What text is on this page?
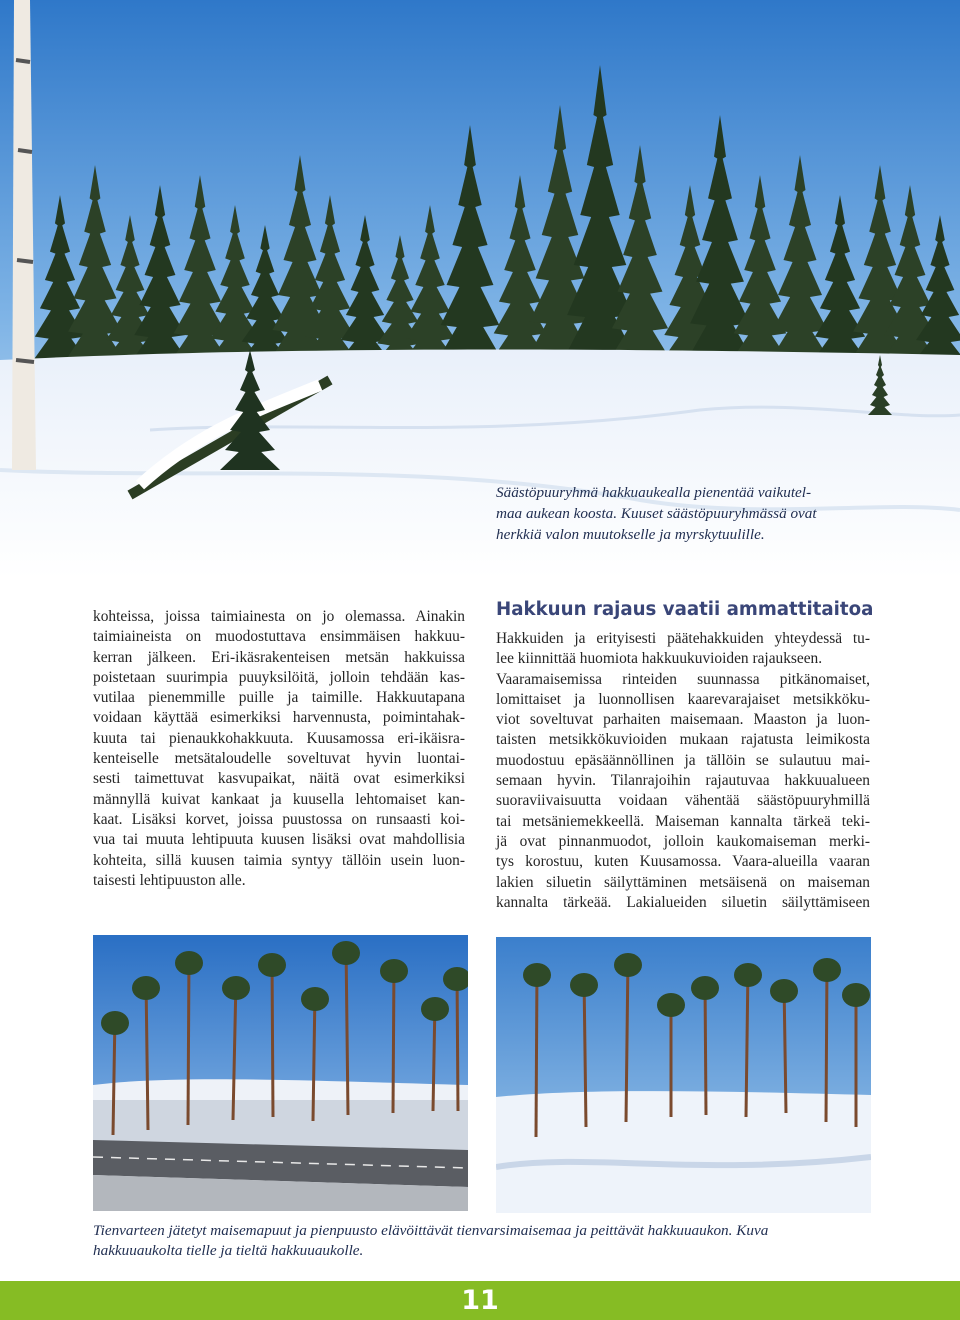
Säästöpuuryhmä hakkuaukealla pienentää vaikutel-
maa aukean koosta. Kuuset säästöpuuryhmässä ovat
herkkiä valon muutokselle ja myrskytuulille.
kohteissa, joissa taimiainesta on jo olemassa. Ainakin
taimiaineista on muodostuttava ensimmäisen hakkuu-
kerran jälkeen. Eri-ikäsrakenteisen metsän hakkuissa
poistetaan suurimpia puuyksilöitä, jolloin tehdään kas-
vutilaa pienemmille puille ja taimille. Hakkuutapana
voidaan käyttää esimerkiksi harvennusta, poimintahak-
kuuta tai pienaukkohakkuuta. Kuusamossa eri-ikäisra-
kenteiselle metsätaloudelle soveltuvat hyvin luontai-
sesti taimettuvat kasvupaikat, näitä ovat esimerkiksi
männyllä kuivat kankaat ja kuusella lehtomaiset kan-
kaat. Lisäksi korvet, joissa puustossa on runsaasti koi-
vua tai muuta lehtipuuta kuusen lisäksi ovat mahdollisia
kohteita, sillä kuusen taimia syntyy tällöin usein luon-
taisesti lehtipuuston alle.
Hakkuun rajaus vaatii ammattitaitoa
Hakkuiden ja erityisesti päätehakkuiden yhteydessä tu-
lee kiinnittää huomiota hakkuukuvioiden rajaukseen.
Vaaramaisemissa rinteiden suunnassa pitkänomaiset,
lomittaiset ja luonnollisen kaarevarajaiset metsikköku-
viot soveltuvat parhaiten maisemaan. Maaston ja luon-
taisten metsikkökuvioiden mukaan rajatusta leimikosta
muodostuu epäsäännöllinen ja tällöin se sulautuu mai-
semaan hyvin. Tilanrajoihin rajautuvaa hakkuualueen
suoraviivaisuutta voidaan vähentää säästöpuuryhmillä
tai metsäniemekkeellä. Maiseman kannalta tärkeä teki-
jä ovat pinnanmuodot, jolloin kaukomaiseman merki-
tys korostuu, kuten Kuusamossa. Vaara-alueilla vaaran
lakien siluetin säilyttäminen metsäisenä on maiseman
kannalta tärkeää. Lakialueiden siluetin säilyttämiseen
Tienvarteen jätetyt maisemapuut ja pienpuusto elävöittävät tienvarsimaisemaa ja peittävät hakkuuaukon. Kuva
hakkuuaukolta tielle ja tieltä hakkuuaukolle.
11
